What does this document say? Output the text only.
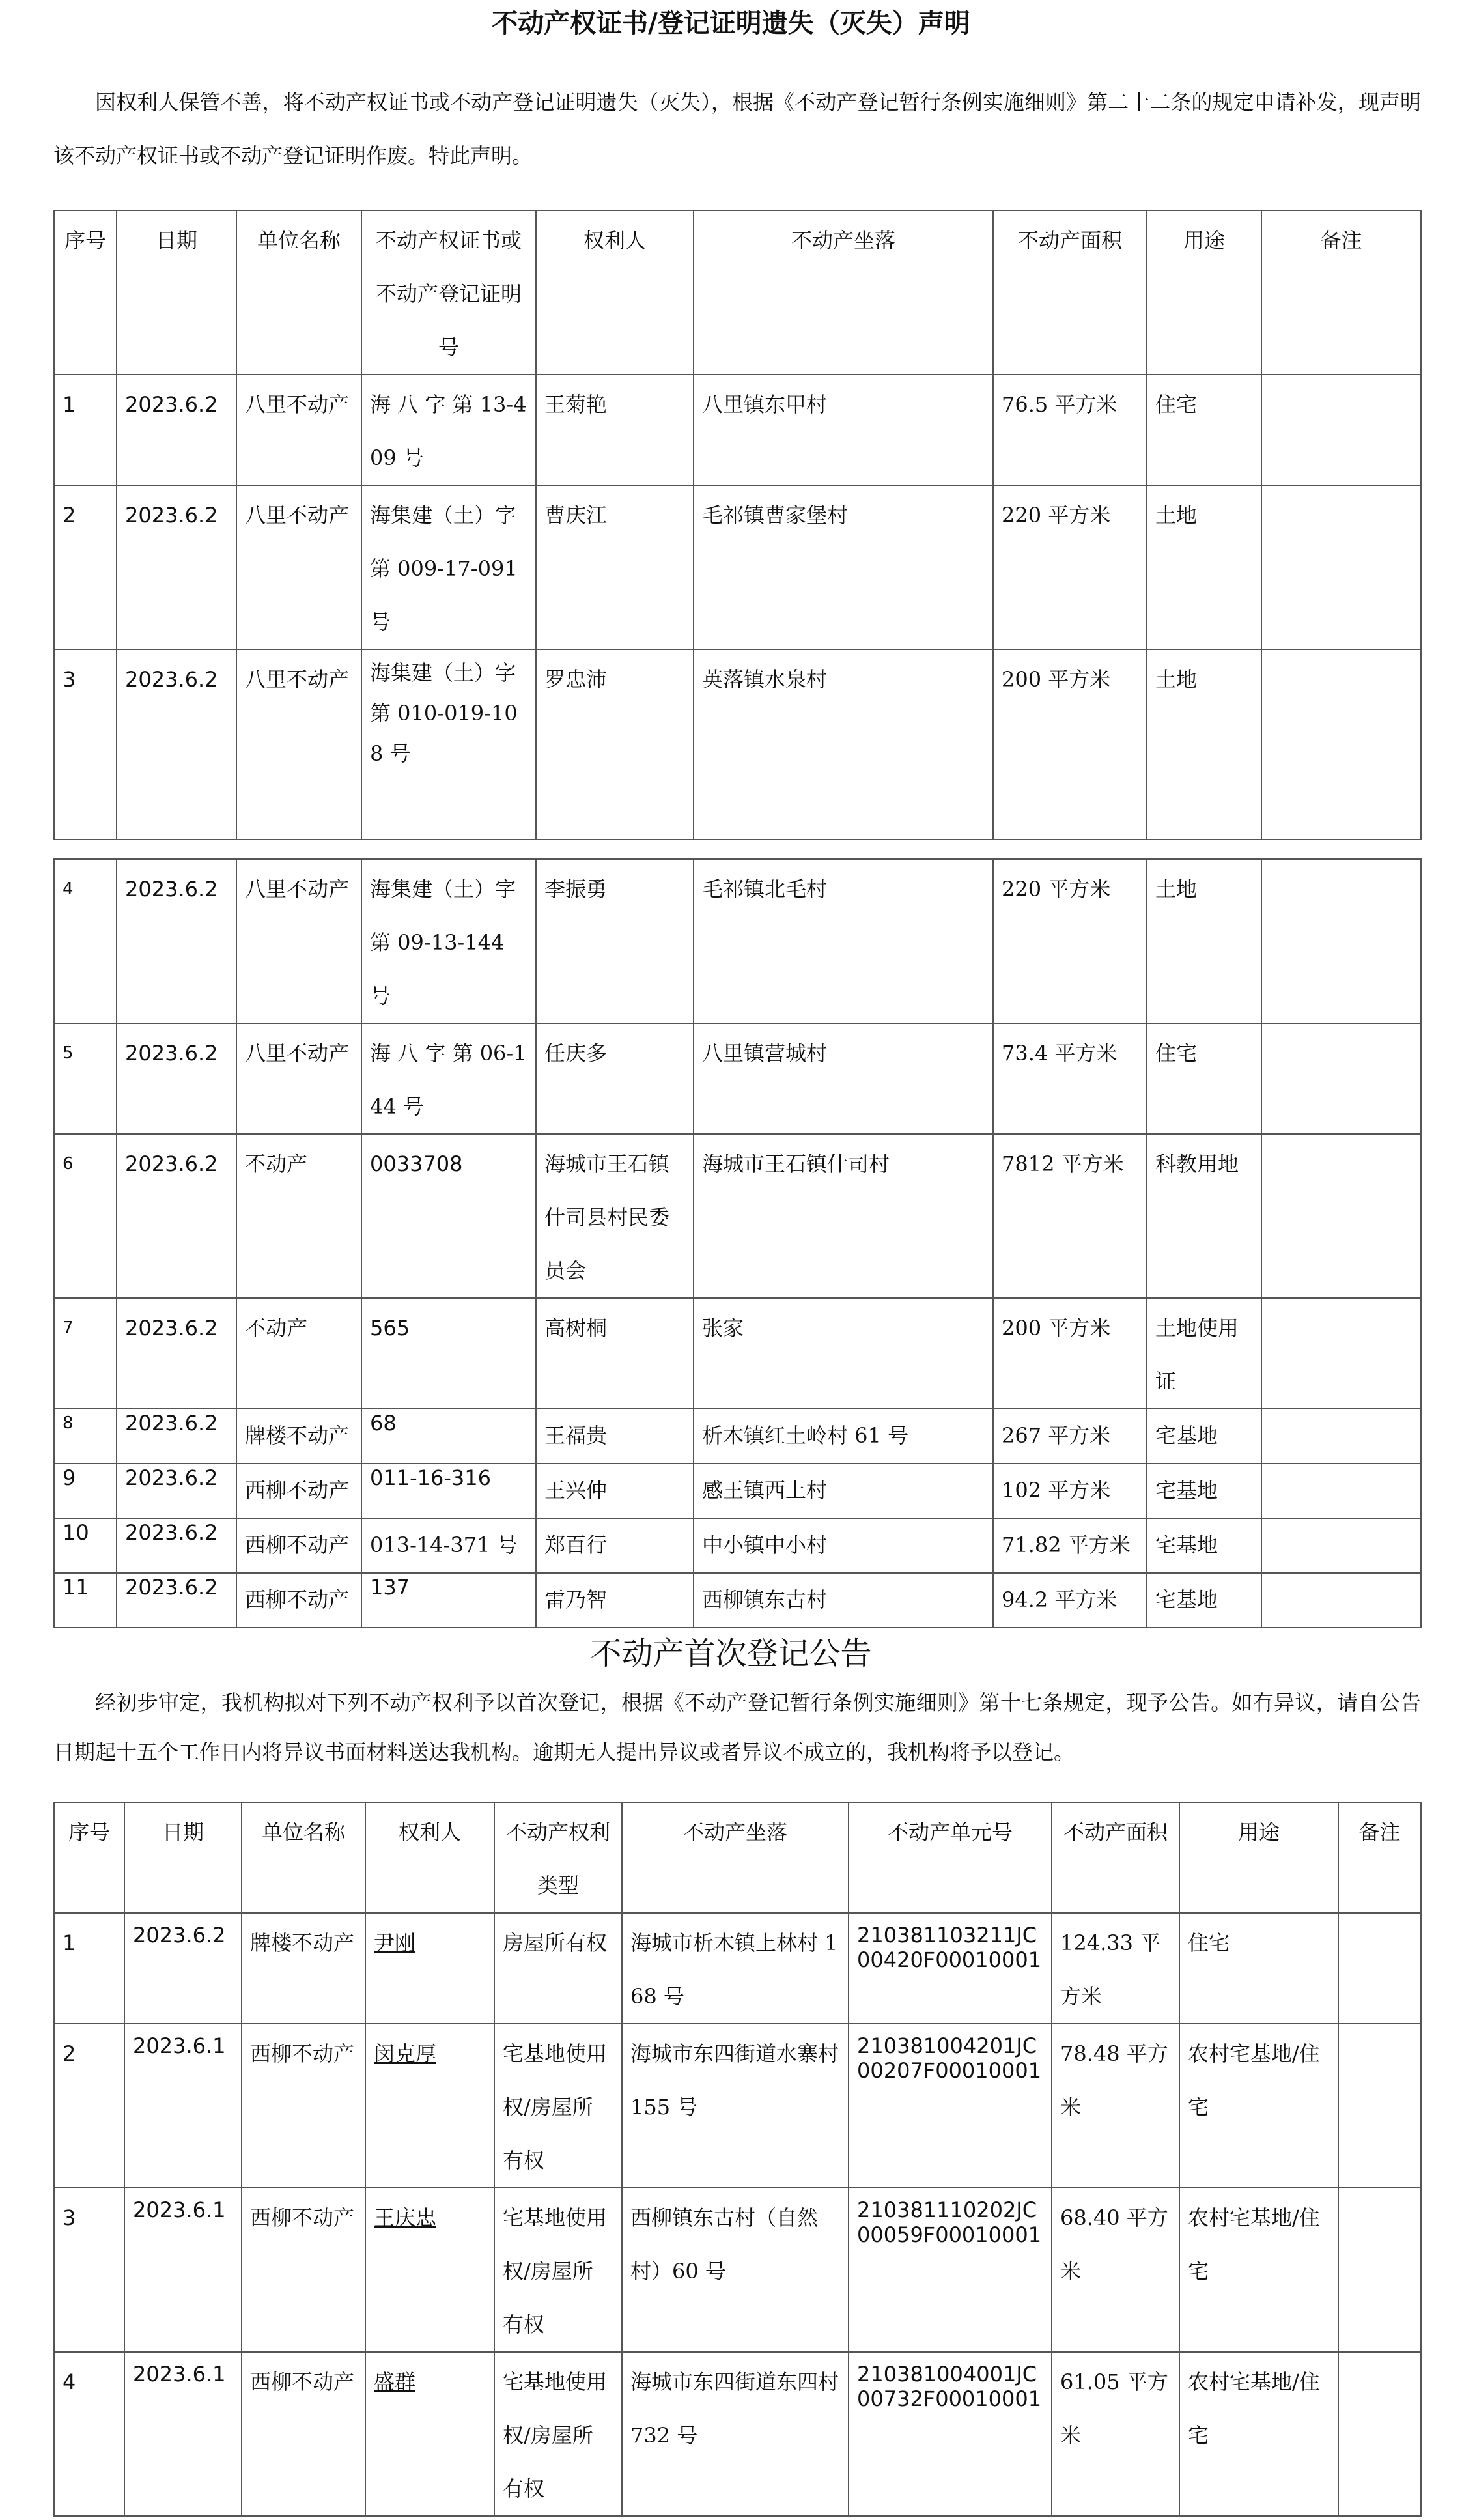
不动产权证书/登记证明遗失（灭失）声明
因权利人保管不善，将不动产权证书或不动产登记证明遗失（灭失），根据《不动产登记暂行条例实施细则》第二十二条的规定申请补发，现声明该不动产权证书或不动产登记证明作废。特此声明。
序号	日期	单位名称	不动产权证书或不动产登记证明号	权利人	不动产坐落	不动产面积	用途	备注
1	2023.6.2	八里不动产	海 八 字 第 13-409 号	王菊艳	八里镇东甲村	76.5 平方米	住宅	
2	2023.6.2	八里不动产	海集建（土）字第 009-17-091 号	曹庆江	毛祁镇曹家堡村	220 平方米	土地	
3	2023.6.2	八里不动产	海集建（土）字第 010-019-108 号	罗忠沛	英落镇水泉村	200 平方米	土地	
4	2023.6.2	八里不动产	海集建（土）字第 09-13-144 号	李振勇	毛祁镇北毛村	220 平方米	土地	
5	2023.6.2	八里不动产	海 八 字 第 06-144 号	任庆多	八里镇营城村	73.4 平方米	住宅	
6	2023.6.2	不动产	0033708	海城市王石镇什司县村民委员会	海城市王石镇什司村	7812 平方米	科教用地	
7	2023.6.2	不动产	565	高树桐	张家	200 平方米	土地使用证	
8	2023.6.2	牌楼不动产	68	王福贵	析木镇红土岭村 61 号	267 平方米	宅基地	
9	2023.6.2	西柳不动产	011-16-316	王兴仲	感王镇西上村	102 平方米	宅基地	
10	2023.6.2	西柳不动产	013-14-371 号	郑百行	中小镇中小村	71.82 平方米	宅基地	
11	2023.6.2	西柳不动产	137	雷乃智	西柳镇东古村	94.2 平方米	宅基地	
不动产首次登记公告
经初步审定，我机构拟对下列不动产权利予以首次登记，根据《不动产登记暂行条例实施细则》第十七条规定，现予公告。如有异议，请自公告日期起十五个工作日内将异议书面材料送达我机构。逾期无人提出异议或者异议不成立的，我机构将予以登记。
序号	日期	单位名称	权利人	不动产权利类型	不动产坐落	不动产单元号	不动产面积	用途	备注
1	2023.6.2	牌楼不动产	尹刚	房屋所有权	海城市析木镇上林村 168 号	210381103211JC00420F00010001	124.33 平方米	住宅	
2	2023.6.1	西柳不动产	闵克厚	宅基地使用权/房屋所有权	海城市东四街道水寨村 155 号	210381004201JC00207F00010001	78.48 平方米	农村宅基地/住宅	
3	2023.6.1	西柳不动产	王庆忠	宅基地使用权/房屋所有权	西柳镇东古村（自然村）60 号	210381110202JC00059F00010001	68.40 平方米	农村宅基地/住宅	
4	2023.6.1	西柳不动产	盛群	宅基地使用权/房屋所有权	海城市东四街道东四村 732 号	210381004001JC00732F00010001	61.05 平方米	农村宅基地/住宅	
